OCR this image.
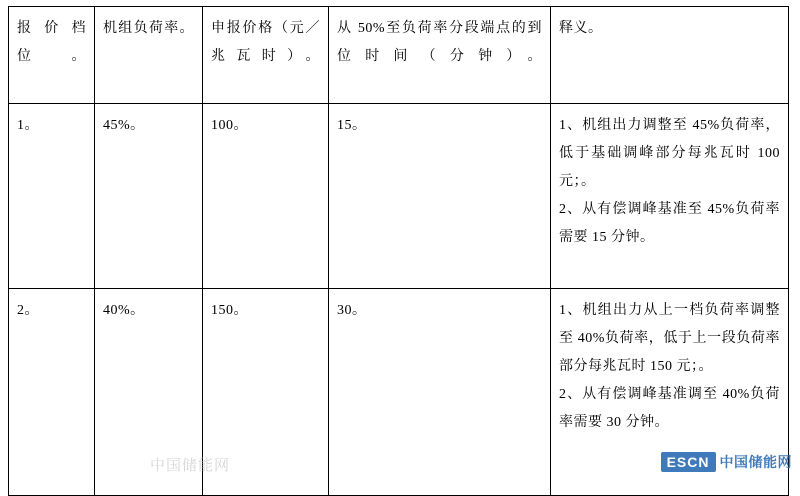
报价档位。	机组负荷率。	申报价格（元／兆瓦时）。	从 50%至负荷率分段端点的到位时间（分钟）。	释义。
1。	45%。	100。	15。	1、机组出力调整至 45%负荷率，低于基础调峰部分每兆瓦时 100 元；。

2、从有偿调峰基准至 45%负荷率需要 15 分钟。

2。	40%。	150。	30。	1、机组出力从上一档负荷率调整至 40%负荷率，低于上一段负荷率部分每兆瓦时 150 元；。

2、从有偿调峰基准调至 40%负荷率需要 30 分钟。

中国储能网	ESCN 中国储能网
